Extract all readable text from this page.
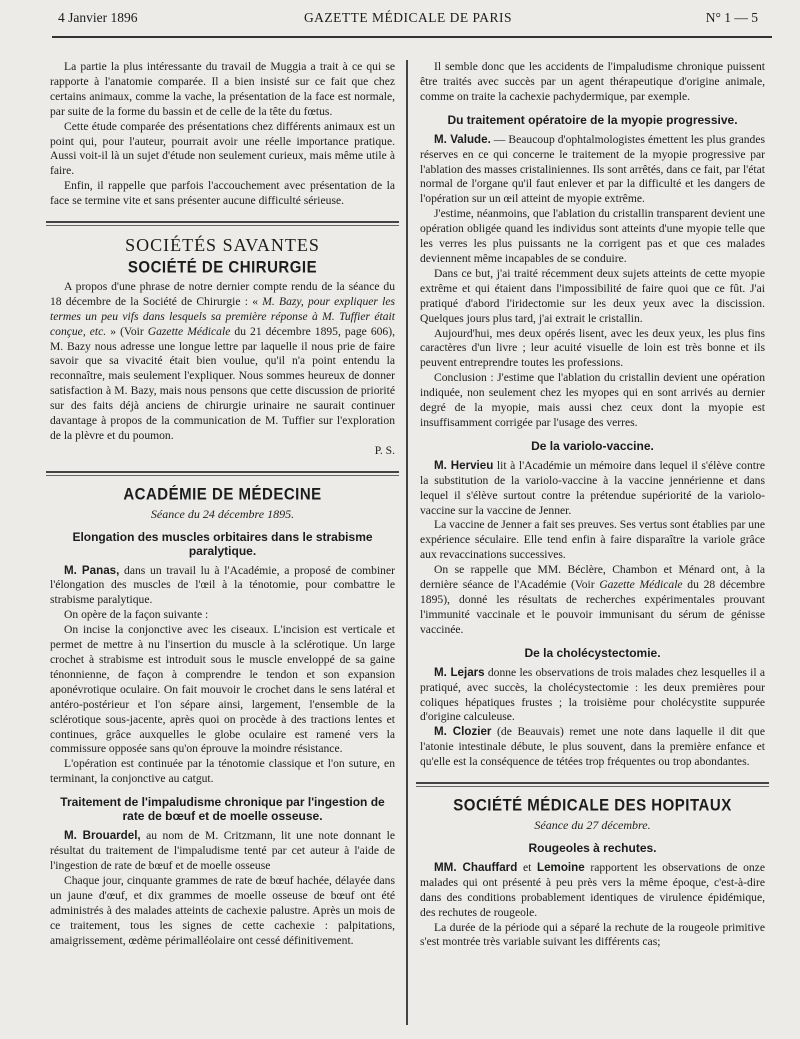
4 Janvier 1896	GAZETTE MÉDICALE DE PARIS	N° 1 — 5

La partie la plus intéressante du travail de Muggia a trait à ce qui se rapporte à l'anatomie comparée. Il a bien insisté sur ce fait que chez certains animaux, comme la vache, la présentation de la face est normale, par suite de la forme du bassin et de celle de la tête du fœtus.

Cette étude comparée des présentations chez différents animaux est un point qui, pour l'auteur, pourrait avoir une réelle importance pratique. Aussi voit-il là un sujet d'étude non seulement curieux, mais même utile à faire.

Enfin, il rappelle que parfois l'accouchement avec présentation de la face se termine vite et sans présenter aucune difficulté sérieuse.

SOCIÉTÉS SAVANTES
SOCIÉTÉ DE CHIRURGIE

A propos d'une phrase de notre dernier compte rendu de la séance du 18 décembre de la Société de Chirurgie : « M. Bazy, pour expliquer les termes un peu vifs dans lesquels sa première réponse à M. Tuffier était conçue, etc. » (Voir Gazette Médicale du 21 décembre 1895, page 606), M. Bazy nous adresse une longue lettre par laquelle il nous prie de faire savoir que sa vivacité était bien voulue, qu'il n'a point entendu la reconnaître, mais seulement l'expliquer. Nous sommes heureux de donner satisfaction à M. Bazy, mais nous pensons que cette discussion de priorité sur des faits déjà anciens de chirurgie urinaire ne saurait continuer davantage à propos de la communication de M. Tuffier sur l'exploration de la plèvre et du poumon.

P. S.
ACADÉMIE DE MÉDECINE
Séance du 24 décembre 1895.
Elongation des muscles orbitaires dans le strabisme paralytique.

M. Panas, dans un travail lu à l'Académie, a proposé de combiner l'élongation des muscles de l'œil à la ténotomie, pour combattre le strabisme paralytique.

On opère de la façon suivante :

On incise la conjonctive avec les ciseaux. L'incision est verticale et permet de mettre à nu l'insertion du muscle à la sclérotique. Un large crochet à strabisme est introduit sous le muscle enveloppé de sa gaine ténonnienne, de façon à comprendre le tendon et son expansion aponévrotique oculaire. On fait mouvoir le crochet dans le sens latéral et antéro-postérieur et l'on sépare ainsi, largement, l'ensemble de la sclérotique sous-jacente, après quoi on procède à des tractions lentes et continues, grâce auxquelles le globe oculaire est ramené vers la commissure opposée sans qu'on éprouve la moindre résistance.

L'opération est continuée par la ténotomie classique et l'on suture, en terminant, la conjonctive au catgut.

Traitement de l'impaludisme chronique par l'ingestion de rate de bœuf et de moelle osseuse.

M. Brouardel, au nom de M. Critzmann, lit une note donnant le résultat du traitement de l'impaludisme tenté par cet auteur à l'aide de l'ingestion de rate de bœuf et de moelle osseuse

Chaque jour, cinquante grammes de rate de bœuf hachée, délayée dans un jaune d'œuf, et dix grammes de moelle osseuse de bœuf ont été administrés à des malades atteints de cachexie palustre. Après un mois de ce traitement, tous les signes de cette cachexie : palpitations, amaigrissement, œdème périmalléolaire ont cessé définitivement.

Il semble donc que les accidents de l'impaludisme chronique puissent être traités avec succès par un agent thérapeutique d'origine animale, comme on traite la cachexie pachydermique, par exemple.

Du traitement opératoire de la myopie progressive.

M. Valude. — Beaucoup d'ophtalmologistes émettent les plus grandes réserves en ce qui concerne le traitement de la myopie progressive par l'ablation des masses cristaliniennes. Ils sont arrêtés, dans ce fait, par l'état normal de l'organe qu'il faut enlever et par la difficulté et les dangers de l'opération sur un œil atteint de myopie extrême.

J'estime, néanmoins, que l'ablation du cristallin transparent devient une opération obligée quand les individus sont atteints d'une myopie telle que les verres les plus puissants ne la corrigent pas et que ces malades deviennent même incapables de se conduire.

Dans ce but, j'ai traité récemment deux sujets atteints de cette myopie extrême et qui étaient dans l'impossibilité de faire quoi que ce fût. J'ai pratiqué d'abord l'iridectomie sur les deux yeux avec la discission. Quelques jours plus tard, j'ai extrait le cristallin.

Aujourd'hui, mes deux opérés lisent, avec les deux yeux, les plus fins caractères d'un livre ; leur acuité visuelle de loin est très bonne et ils peuvent entreprendre toutes les professions.

Conclusion : J'estime que l'ablation du cristallin devient une opération indiquée, non seulement chez les myopes qui en sont arrivés au dernier degré de la myopie, mais aussi chez ceux dont la myopie est insuffisamment corrigée par l'usage des verres.

De la variolo-vaccine.

M. Hervieu lit à l'Académie un mémoire dans lequel il s'élève contre la substitution de la variolo-vaccine à la vaccine jennérienne et dans lequel il s'élève surtout contre la prétendue supériorité de la variolo-vaccine sur la vaccine de Jenner.

La vaccine de Jenner a fait ses preuves. Ses vertus sont établies par une expérience séculaire. Elle tend enfin à faire disparaître la variole grâce aux revaccinations successives.

On se rappelle que MM. Béclère, Chambon et Ménard ont, à la dernière séance de l'Académie (Voir Gazette Médicale du 28 décembre 1895), donné les résultats de recherches expérimentales prouvant l'immunité vaccinale et le pouvoir immunisant du sérum de génisse vaccinée.

De la cholécystectomie.

M. Lejars donne les observations de trois malades chez lesquelles il a pratiqué, avec succès, la cholécystectomie : les deux premières pour coliques hépatiques frustes ; la troisième pour cholécystite suppurée d'origine calculeuse.

M. Clozier (de Beauvais) remet une note dans laquelle il dit que l'atonie intestinale débute, le plus souvent, dans la première enfance et qu'elle est la conséquence de tétées trop fréquentes ou trop abondantes.

SOCIÉTÉ MÉDICALE DES HOPITAUX
Séance du 27 décembre.
Rougeoles à rechutes.

MM. Chauffard et Lemoine rapportent les observations de onze malades qui ont présenté à peu près vers la même époque, c'est-à-dire dans des conditions probablement identiques de virulence épidémique, des rechutes de rougeole.

La durée de la période qui a séparé la rechute de la rougeole primitive s'est montrée très variable suivant les différents cas;
